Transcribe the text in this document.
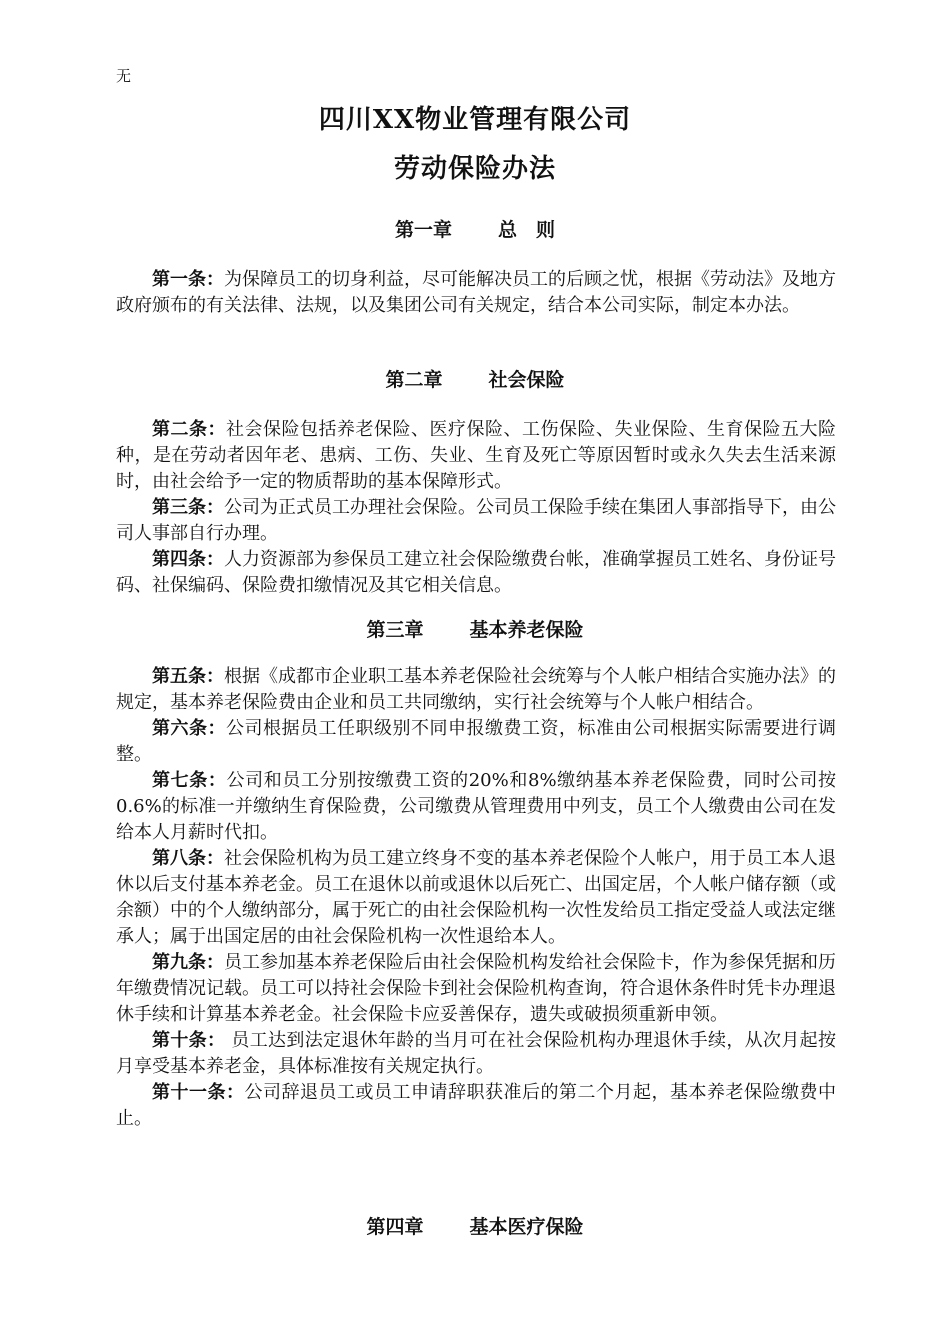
无
四川XX物业管理有限公司
劳动保险办法
第一章 总　则

第一条：为保障员工的切身利益，尽可能解决员工的后顾之忧，根据《劳动法》及地方政府颁布的有关法律、法规，以及集团公司有关规定，结合本公司实际，制定本办法。

第二章 社会保险

第二条：社会保险包括养老保险、医疗保险、工伤保险、失业保险、生育保险五大险种，是在劳动者因年老、患病、工伤、失业、生育及死亡等原因暂时或永久失去生活来源时，由社会给予一定的物质帮助的基本保障形式。

第三条：公司为正式员工办理社会保险。公司员工保险手续在集团人事部指导下，由公司人事部自行办理。

第四条：人力资源部为参保员工建立社会保险缴费台帐，准确掌握员工姓名、身份证号码、社保编码、保险费扣缴情况及其它相关信息。

第三章 基本养老保险

第五条：根据《成都市企业职工基本养老保险社会统筹与个人帐户相结合实施办法》的规定，基本养老保险费由企业和员工共同缴纳，实行社会统筹与个人帐户相结合。

第六条：公司根据员工任职级别不同申报缴费工资，标准由公司根据实际需要进行调整。

第七条：公司和员工分别按缴费工资的20%和8%缴纳基本养老保险费，同时公司按0.6%的标准一并缴纳生育保险费，公司缴费从管理费用中列支，员工个人缴费由公司在发给本人月薪时代扣。

第八条：社会保险机构为员工建立终身不变的基本养老保险个人帐户，用于员工本人退休以后支付基本养老金。员工在退休以前或退休以后死亡、出国定居，个人帐户储存额（或余额）中的个人缴纳部分，属于死亡的由社会保险机构一次性发给员工指定受益人或法定继承人；属于出国定居的由社会保险机构一次性退给本人。

第九条：员工参加基本养老保险后由社会保险机构发给社会保险卡，作为参保凭据和历年缴费情况记载。员工可以持社会保险卡到社会保险机构查询，符合退休条件时凭卡办理退休手续和计算基本养老金。社会保险卡应妥善保存，遗失或破损须重新申领。

第十条： 员工达到法定退休年龄的当月可在社会保险机构办理退休手续，从次月起按月享受基本养老金，具体标准按有关规定执行。

第十一条：公司辞退员工或员工申请辞职获准后的第二个月起，基本养老保险缴费中止。

第四章 基本医疗保险
